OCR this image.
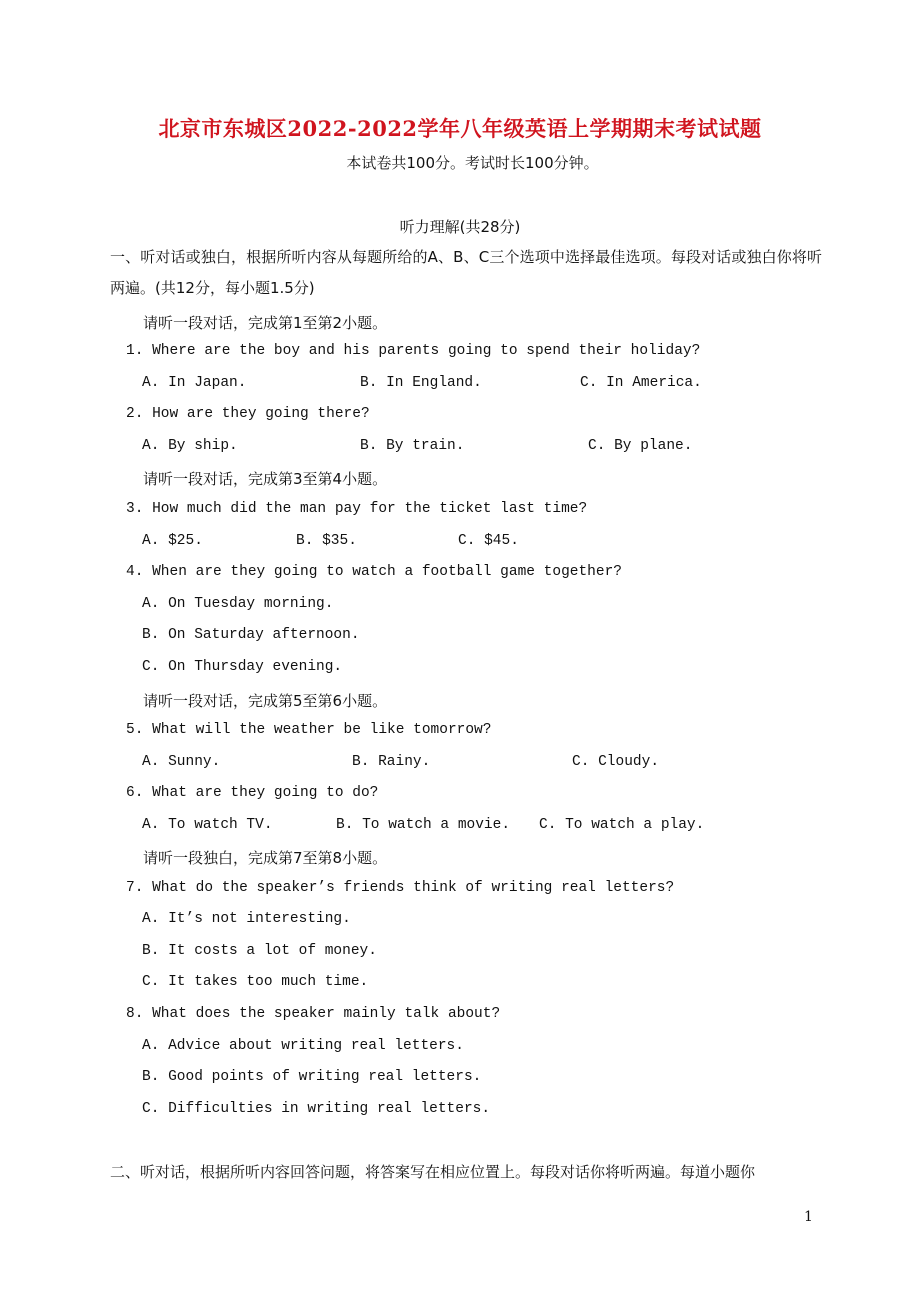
北京市东城区2022-2022学年八年级英语上学期期末考试试题
本试卷共100分。考试时长100分钟。
听力理解(共28分)
一、听对话或独白，根据所听内容从每题所给的A、B、C三个选项中选择最佳选项。每段对话或独白你将听两遍。(共12分，每小题1.5分)
请听一段对话，完成第1至第2小题。
1. Where are the boy and his parents going to spend their holiday?
A. In Japan.	B. In England.	C. In America.
2. How are they going there?
A. By ship.	B. By train.	C. By plane.
请听一段对话，完成第3至第4小题。
3. How much did the man pay for the ticket last time?
A. $25.	B. $35.	C. $45.
4. When are they going to watch a football game together?
A. On Tuesday morning.
B. On Saturday afternoon.
C. On Thursday evening.
请听一段对话，完成第5至第6小题。
5. What will the weather be like tomorrow?
A. Sunny.	B. Rainy.	C. Cloudy.
6. What are they going to do?
A. To watch TV.	B. To watch a movie. C. To watch a play.
请听一段独白，完成第7至第8小题。
7. What do the speaker’s friends think of writing real letters?
A. It’s not interesting.
B. It costs a lot of money.
C. It takes too much time.
8. What does the speaker mainly talk about?
A. Advice about writing real letters.
B. Good points of writing real letters.
C. Difficulties in writing real letters.
二、听对话，根据所听内容回答问题，将答案写在相应位置上。每段对话你将听两遍。每道小题你
1
